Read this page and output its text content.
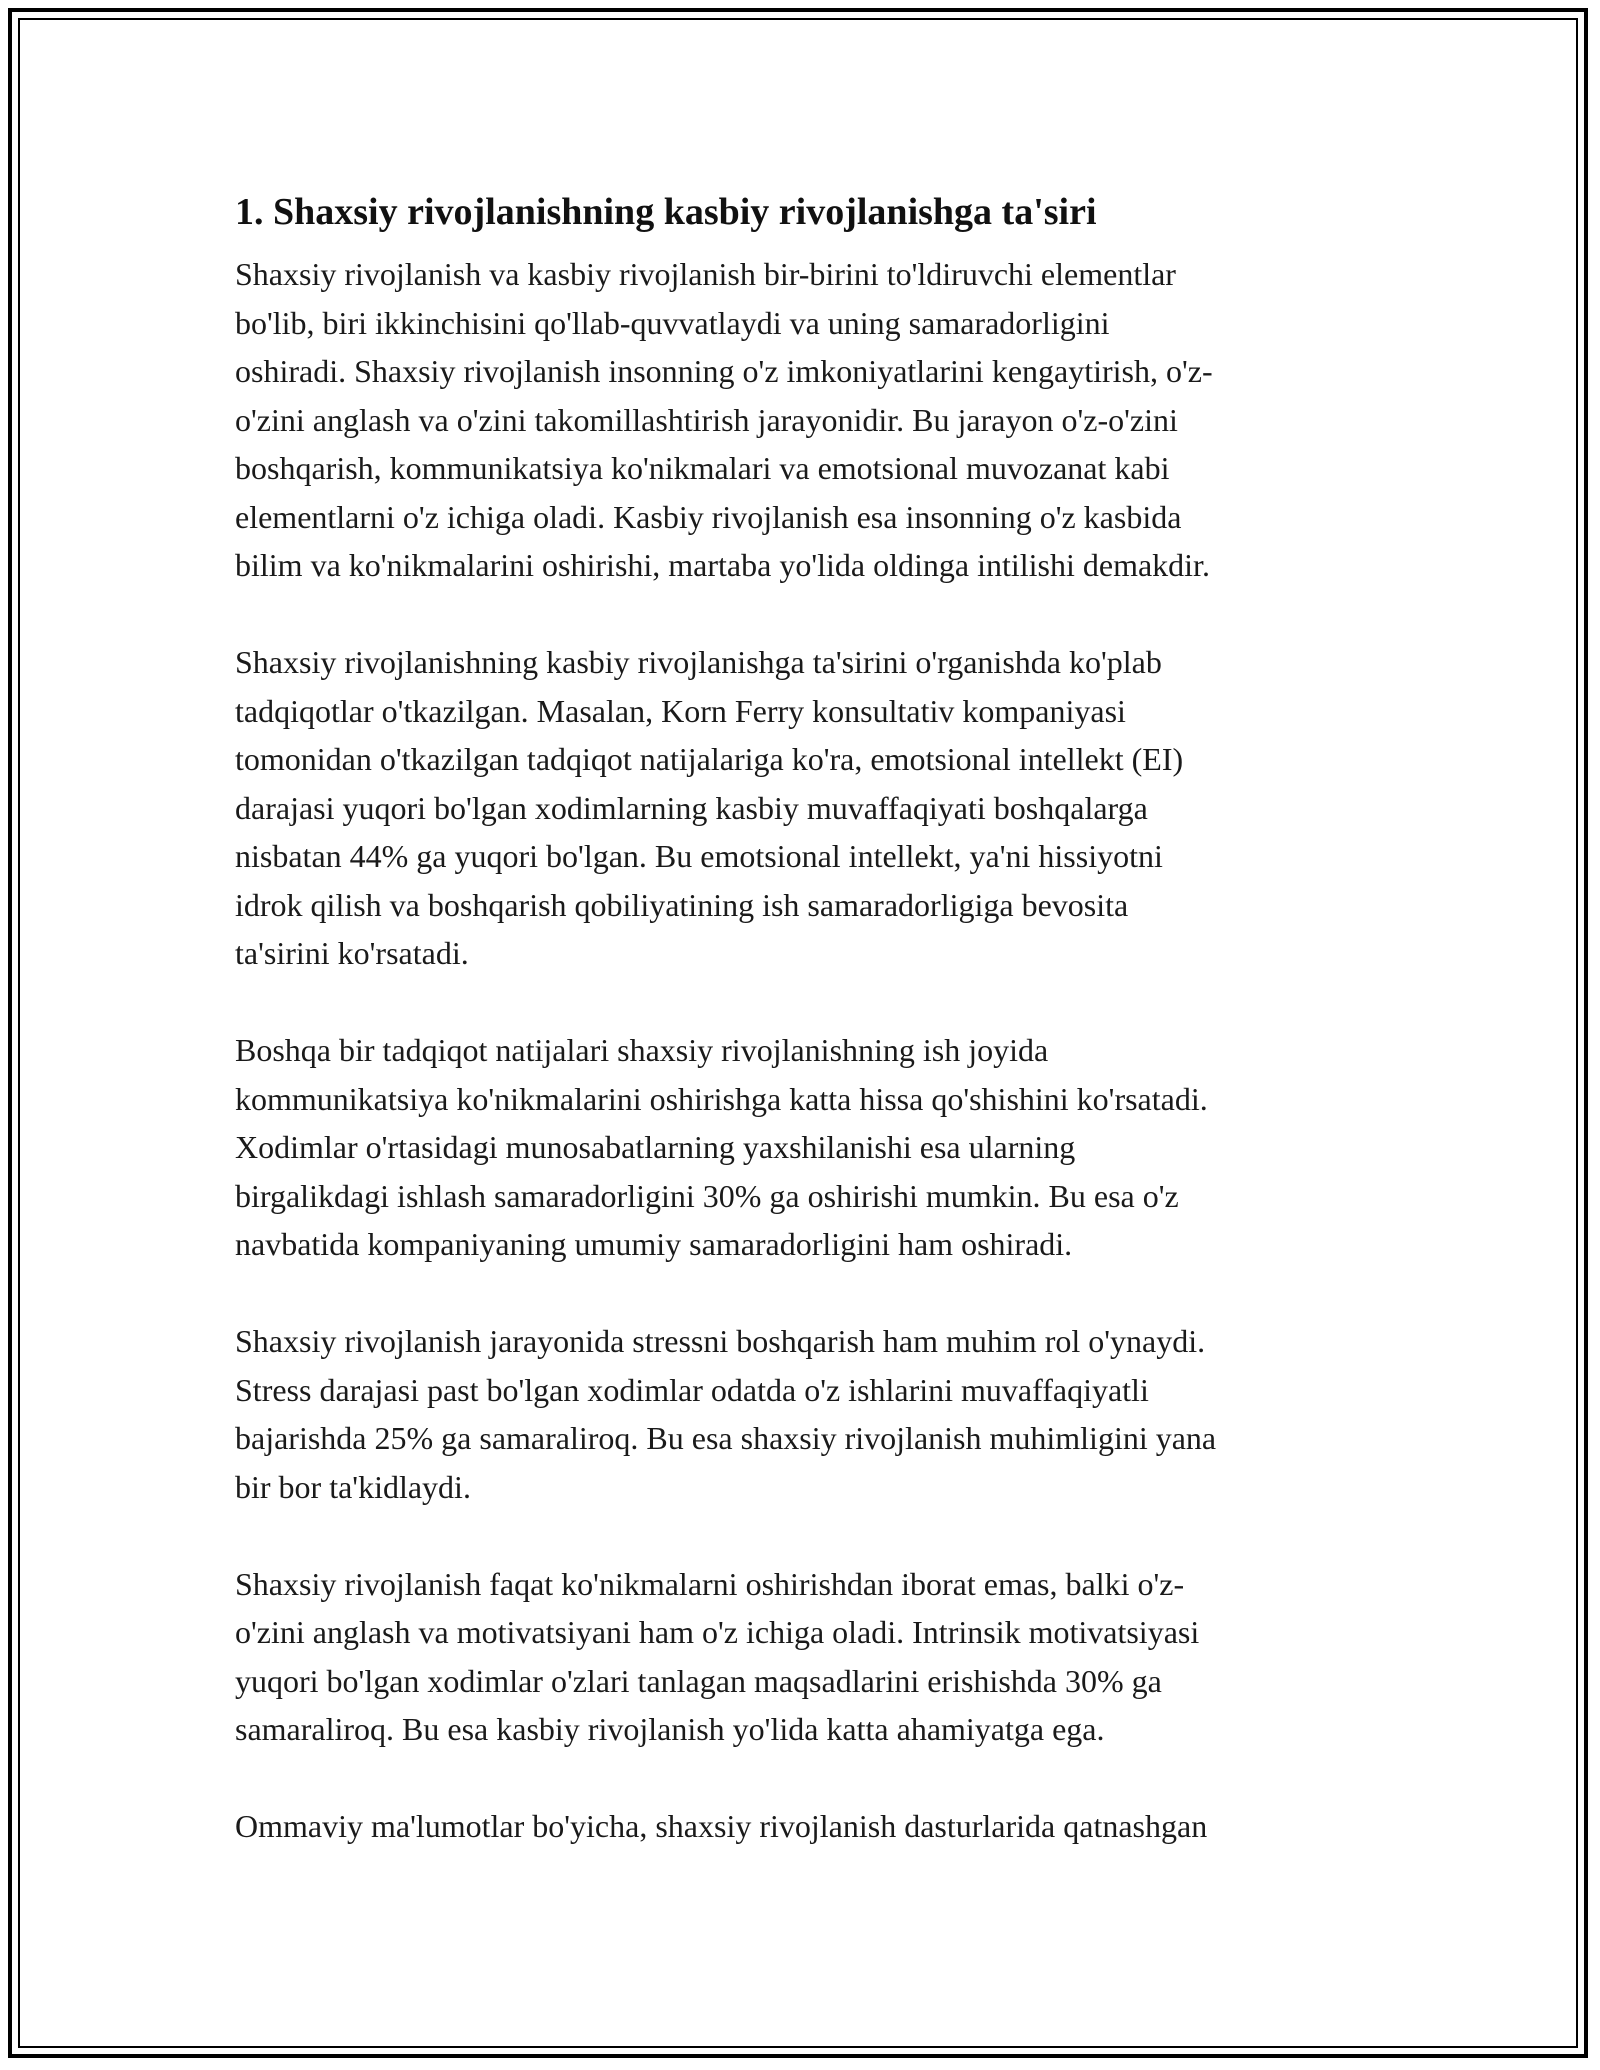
1. Shaxsiy rivojlanishning kasbiy rivojlanishga ta'siri

Shaxsiy rivojlanish va kasbiy rivojlanish bir-birini to'ldiruvchi elementlar
bo'lib, biri ikkinchisini qo'llab-quvvatlaydi va uning samaradorligini
oshiradi. Shaxsiy rivojlanish insonning o'z imkoniyatlarini kengaytirish, o'z-
o'zini anglash va o'zini takomillashtirish jarayonidir. Bu jarayon o'z-o'zini
boshqarish, kommunikatsiya ko'nikmalari va emotsional muvozanat kabi
elementlarni o'z ichiga oladi. Kasbiy rivojlanish esa insonning o'z kasbida
bilim va ko'nikmalarini oshirishi, martaba yo'lida oldinga intilishi demakdir.

Shaxsiy rivojlanishning kasbiy rivojlanishga ta'sirini o'rganishda ko'plab
tadqiqotlar o'tkazilgan. Masalan, Korn Ferry konsultativ kompaniyasi
tomonidan o'tkazilgan tadqiqot natijalariga ko'ra, emotsional intellekt (EI)
darajasi yuqori bo'lgan xodimlarning kasbiy muvaffaqiyati boshqalarga
nisbatan 44% ga yuqori bo'lgan. Bu emotsional intellekt, ya'ni hissiyotni
idrok qilish va boshqarish qobiliyatining ish samaradorligiga bevosita
ta'sirini ko'rsatadi.

Boshqa bir tadqiqot natijalari shaxsiy rivojlanishning ish joyida
kommunikatsiya ko'nikmalarini oshirishga katta hissa qo'shishini ko'rsatadi.
Xodimlar o'rtasidagi munosabatlarning yaxshilanishi esa ularning
birgalikdagi ishlash samaradorligini 30% ga oshirishi mumkin. Bu esa o'z
navbatida kompaniyaning umumiy samaradorligini ham oshiradi.

Shaxsiy rivojlanish jarayonida stressni boshqarish ham muhim rol o'ynaydi.
Stress darajasi past bo'lgan xodimlar odatda o'z ishlarini muvaffaqiyatli
bajarishda 25% ga samaraliroq. Bu esa shaxsiy rivojlanish muhimligini yana
bir bor ta'kidlaydi.

Shaxsiy rivojlanish faqat ko'nikmalarni oshirishdan iborat emas, balki o'z-
o'zini anglash va motivatsiyani ham o'z ichiga oladi. Intrinsik motivatsiyasi
yuqori bo'lgan xodimlar o'zlari tanlagan maqsadlarini erishishda 30% ga
samaraliroq. Bu esa kasbiy rivojlanish yo'lida katta ahamiyatga ega.

Ommaviy ma'lumotlar bo'yicha, shaxsiy rivojlanish dasturlarida qatnashgan
